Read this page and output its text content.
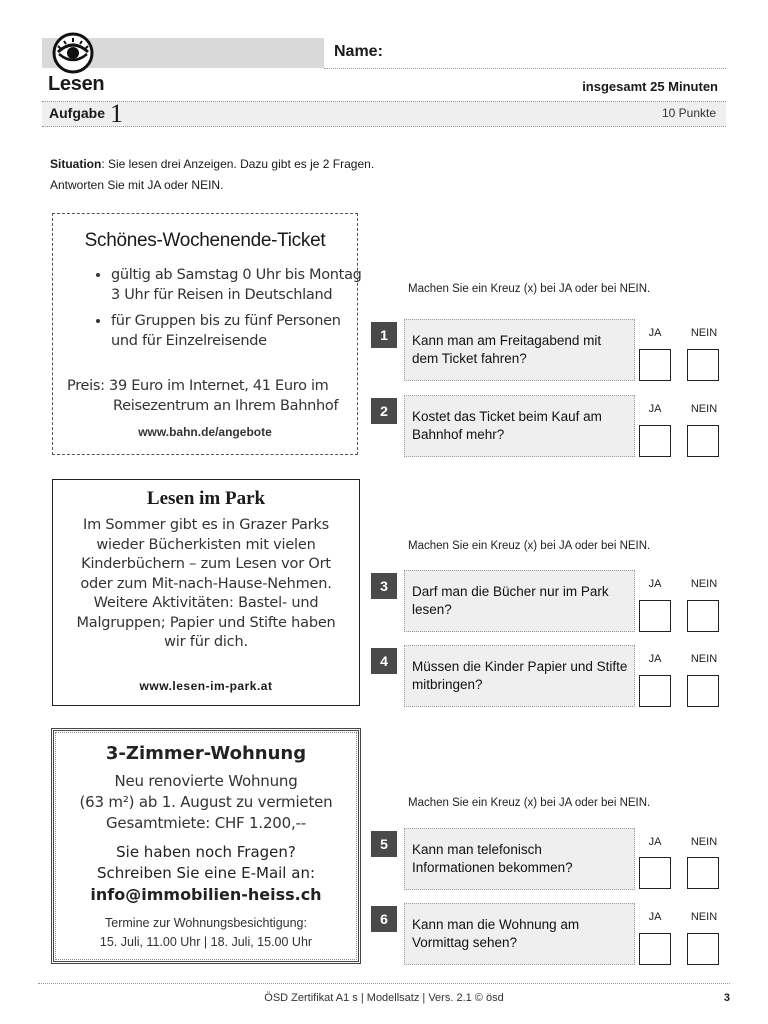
Name:
Lesen	insgesamt 25 Minuten
Aufgabe 1	10 Punkte
Situation: Sie lesen drei Anzeigen. Dazu gibt es je 2 Fragen.
Antworten Sie mit JA oder NEIN.
Schönes-Wochenende-Ticket
• gültig ab Samstag 0 Uhr bis Montag 3 Uhr für Reisen in Deutschland
• für Gruppen bis zu fünf Personen und für Einzelreisende
Preis: 39 Euro im Internet, 41 Euro im
Reisezentrum an Ihrem Bahnhof
www.bahn.de/angebote
Lesen im Park
Im Sommer gibt es in Grazer Parks wieder Bücherkisten mit vielen Kinderbüchern – zum Lesen vor Ort oder zum Mit-nach-Hause-Nehmen. Weitere Aktivitäten: Bastel- und Malgruppen; Papier und Stifte haben wir für dich.
www.lesen-im-park.at
3-Zimmer-Wohnung
Neu renovierte Wohnung
(63 m²) ab 1. August zu vermieten
Gesamtmiete: CHF 1.200,--
Sie haben noch Fragen?
Schreiben Sie eine E-Mail an:
info@immobilien-heiss.ch
Termine zur Wohnungsbesichtigung:
15. Juli, 11.00 Uhr | 18. Juli, 15.00 Uhr
Machen Sie ein Kreuz (x) bei JA oder bei NEIN.
1	Kann man am Freitagabend mit dem Ticket fahren?
JA	NEIN
2	Kostet das Ticket beim Kauf am Bahnhof mehr?
JA	NEIN
Machen Sie ein Kreuz (x) bei JA oder bei NEIN.
3	Darf man die Bücher nur im Park lesen?
JA	NEIN
4	Müssen die Kinder Papier und Stifte mitbringen?
JA	NEIN
Machen Sie ein Kreuz (x) bei JA oder bei NEIN.
5	Kann man telefonisch Informationen bekommen?
JA	NEIN
6	Kann man die Wohnung am Vormittag sehen?
JA	NEIN
ÖSD Zertifikat A1 s | Modellsatz | Vers. 2.1 © ösd	3
